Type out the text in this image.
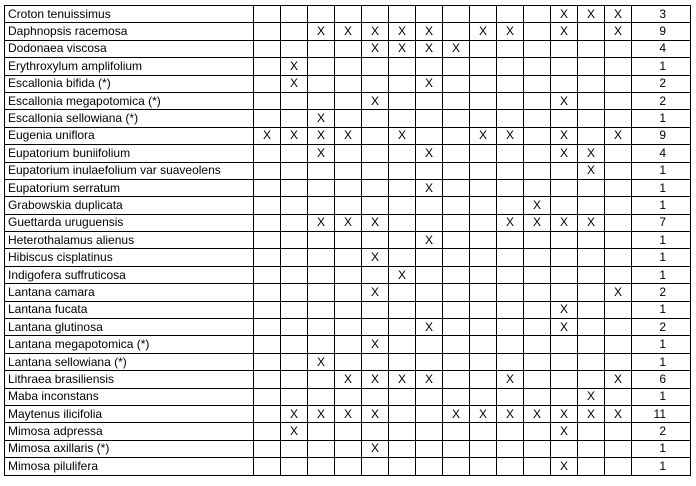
Croton tenuissimus												X	X	X	3
Daphnopsis racemosa			X	X	X	X	X		X	X		X		X	9
Dodonaea viscosa					X	X	X	X							4
Erythroxylum amplifolium		X													1
Escallonia bifida (*)		X					X								2
Escallonia megapotomica (*)					X							X			2
Escallonia sellowiana (*)			X												1
Eugenia uniflora	X	X	X	X		X			X	X		X		X	9
Eupatorium buniifolium			X				X					X	X		4
Eupatorium inulaefolium var suaveolens													X		1
Eupatorium serratum							X								1
Grabowskia duplicata											X				1
Guettarda uruguensis			X	X	X					X	X	X	X		7
Heterothalamus alienus							X								1
Hibiscus cisplatinus					X										1
Indigofera suffruticosa						X									1
Lantana camara					X									X	2
Lantana fucata												X			1
Lantana glutinosa							X					X			2
Lantana megapotomica (*)					X										1
Lantana sellowiana (*)			X												1
Lithraea brasiliensis				X	X	X	X			X				X	6
Maba inconstans													X		1
Maytenus ilicifolia		X	X	X	X			X	X	X	X	X	X	X	11
Mimosa adpressa		X										X			2
Mimosa axillaris (*)					X										1
Mimosa pilulifera												X			1
